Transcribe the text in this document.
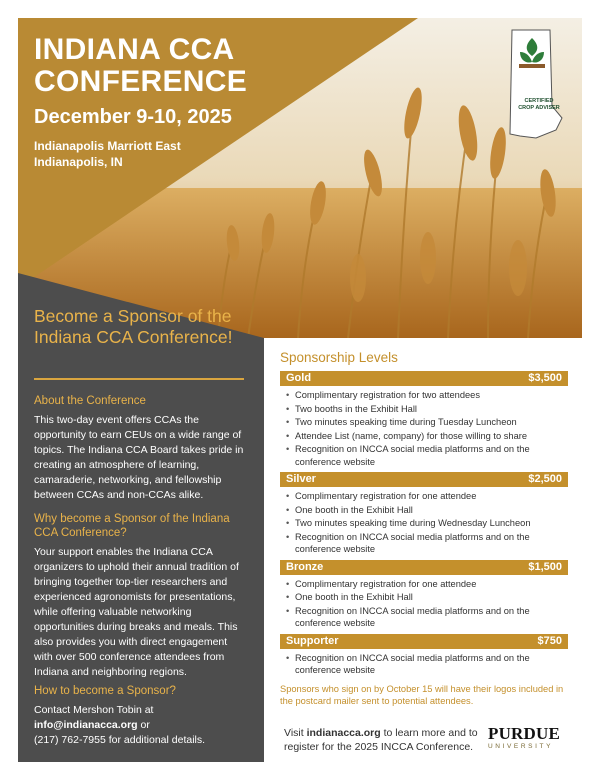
INDIANA CCA CONFERENCE
December 9-10, 2025
Indianapolis Marriott East
Indianapolis, IN
CERTIFIED CROP ADVISER
Become a Sponsor of the Indiana CCA Conference!
About the Conference
This two-day event offers CCAs the opportunity to earn CEUs on a wide range of topics. The Indiana CCA Board takes pride in creating an atmosphere of learning, camaraderie, networking, and fellowship between CCAs and non-CCAs alike.
Why become a Sponsor of the Indiana CCA Conference?
Your support enables the Indiana CCA organizers to uphold their annual tradition of bringing together top-tier researchers and experienced agronomists for presentations, while offering valuable networking opportunities during breaks and meals. This also provides you with direct engagement with over 500 conference attendees from Indiana and neighboring regions.
How to become a Sponsor?
Contact Mershon Tobin at
info@indianacca.org or
(217) 762-7955 for additional details.
Sponsorship Levels
Gold	$3,500
• Complimentary registration for two attendees
• Two booths in the Exhibit Hall
• Two minutes speaking time during Tuesday Luncheon
• Attendee List (name, company) for those willing to share
• Recognition on INCCA social media platforms and on the conference website
Silver	$2,500
• Complimentary registration for one attendee
• One booth in the Exhibit Hall
• Two minutes speaking time during Wednesday Luncheon
• Recognition on INCCA social media platforms and on the conference website
Bronze	$1,500
• Complimentary registration for one attendee
• One booth in the Exhibit Hall
• Recognition on INCCA social media platforms and on the conference website
Supporter	$750
• Recognition on INCCA social media platforms and on the conference website
Sponsors who sign on by October 15 will have their logos included in the postcard mailer sent to potential attendees.
Visit indianacca.org to learn more and to register for the 2025 INCCA Conference.
PURDUE
UNIVERSITY
